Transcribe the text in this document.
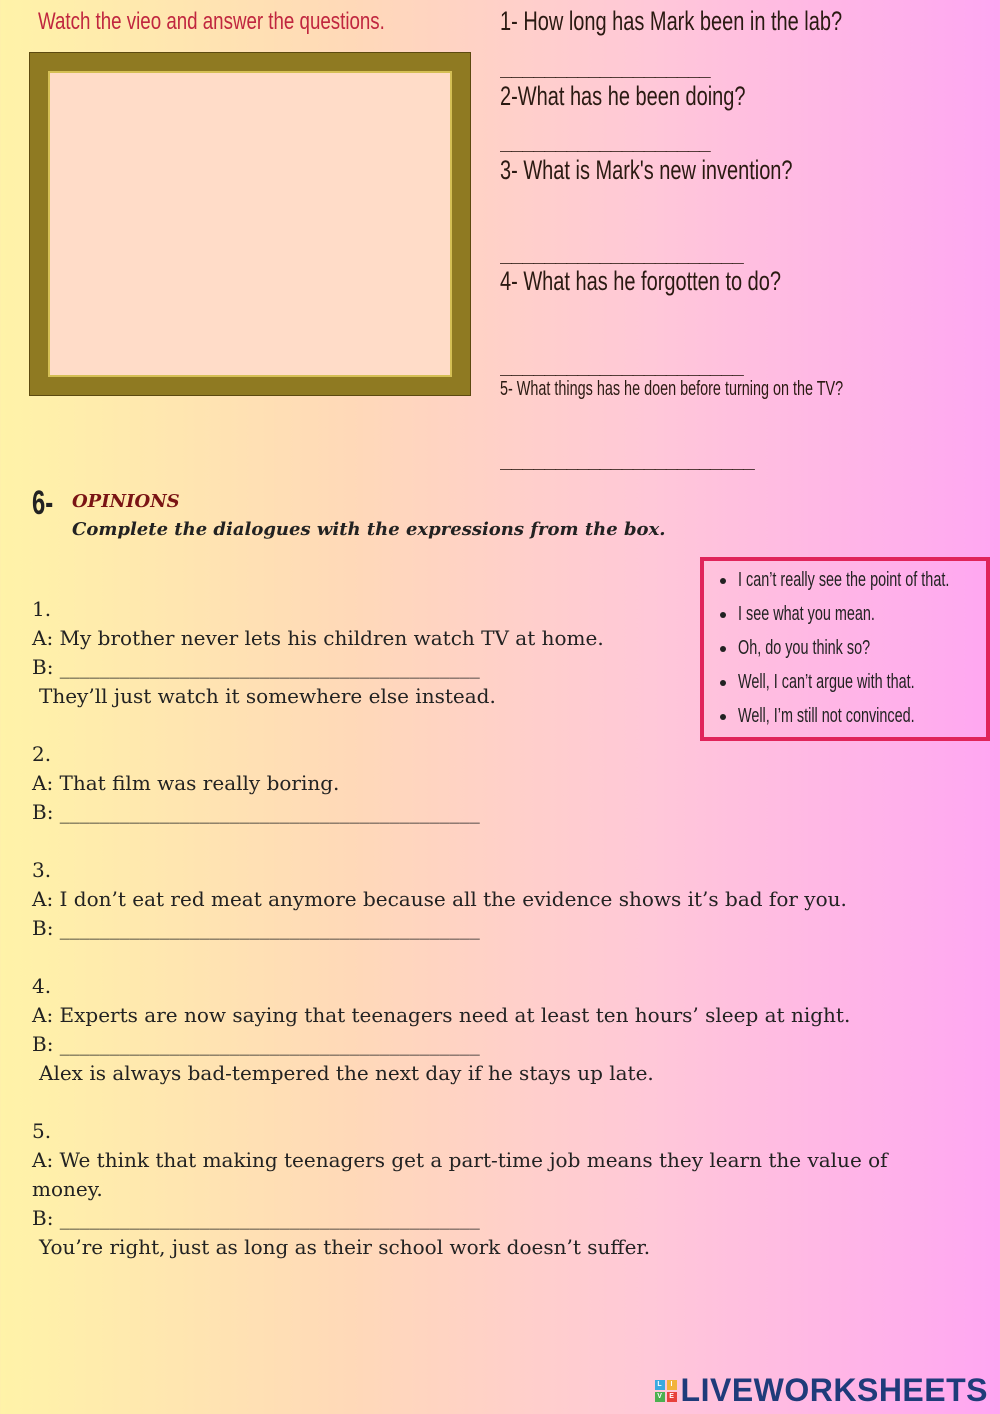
Watch the vieo and answer the questions.	1- How long has Mark been in the lab?
___________________
2-What has he been doing?
___________________
3- What is Mark's new invention?
______________________
4- What has he forgotten to do?
______________________
5- What things has he doen before turning on the TV?
_______________________
6- OPINIONS
Complete the dialogues with the expressions from the box.
• I can’t really see the point of that.
• I see what you mean.
• Oh, do you think so?
• Well, I can’t argue with that.
• Well, I’m still not convinced.
1.
A: My brother never lets his children watch TV at home.
B: __________________________________________
They’ll just watch it somewhere else instead.
2.
A: That film was really boring.
B: __________________________________________
3.
A: I don’t eat red meat anymore because all the evidence shows it’s bad for you.
B: __________________________________________
4.
A: Experts are now saying that teenagers need at least ten hours’ sleep at night.
B: __________________________________________
Alex is always bad-tempered the next day if he stays up late.
5.
A: We think that making teenagers get a part-time job means they learn the value of
money.
B: __________________________________________
You’re right, just as long as their school work doesn’t suffer.
L	I
V	E LIVEWORKSHEETS
